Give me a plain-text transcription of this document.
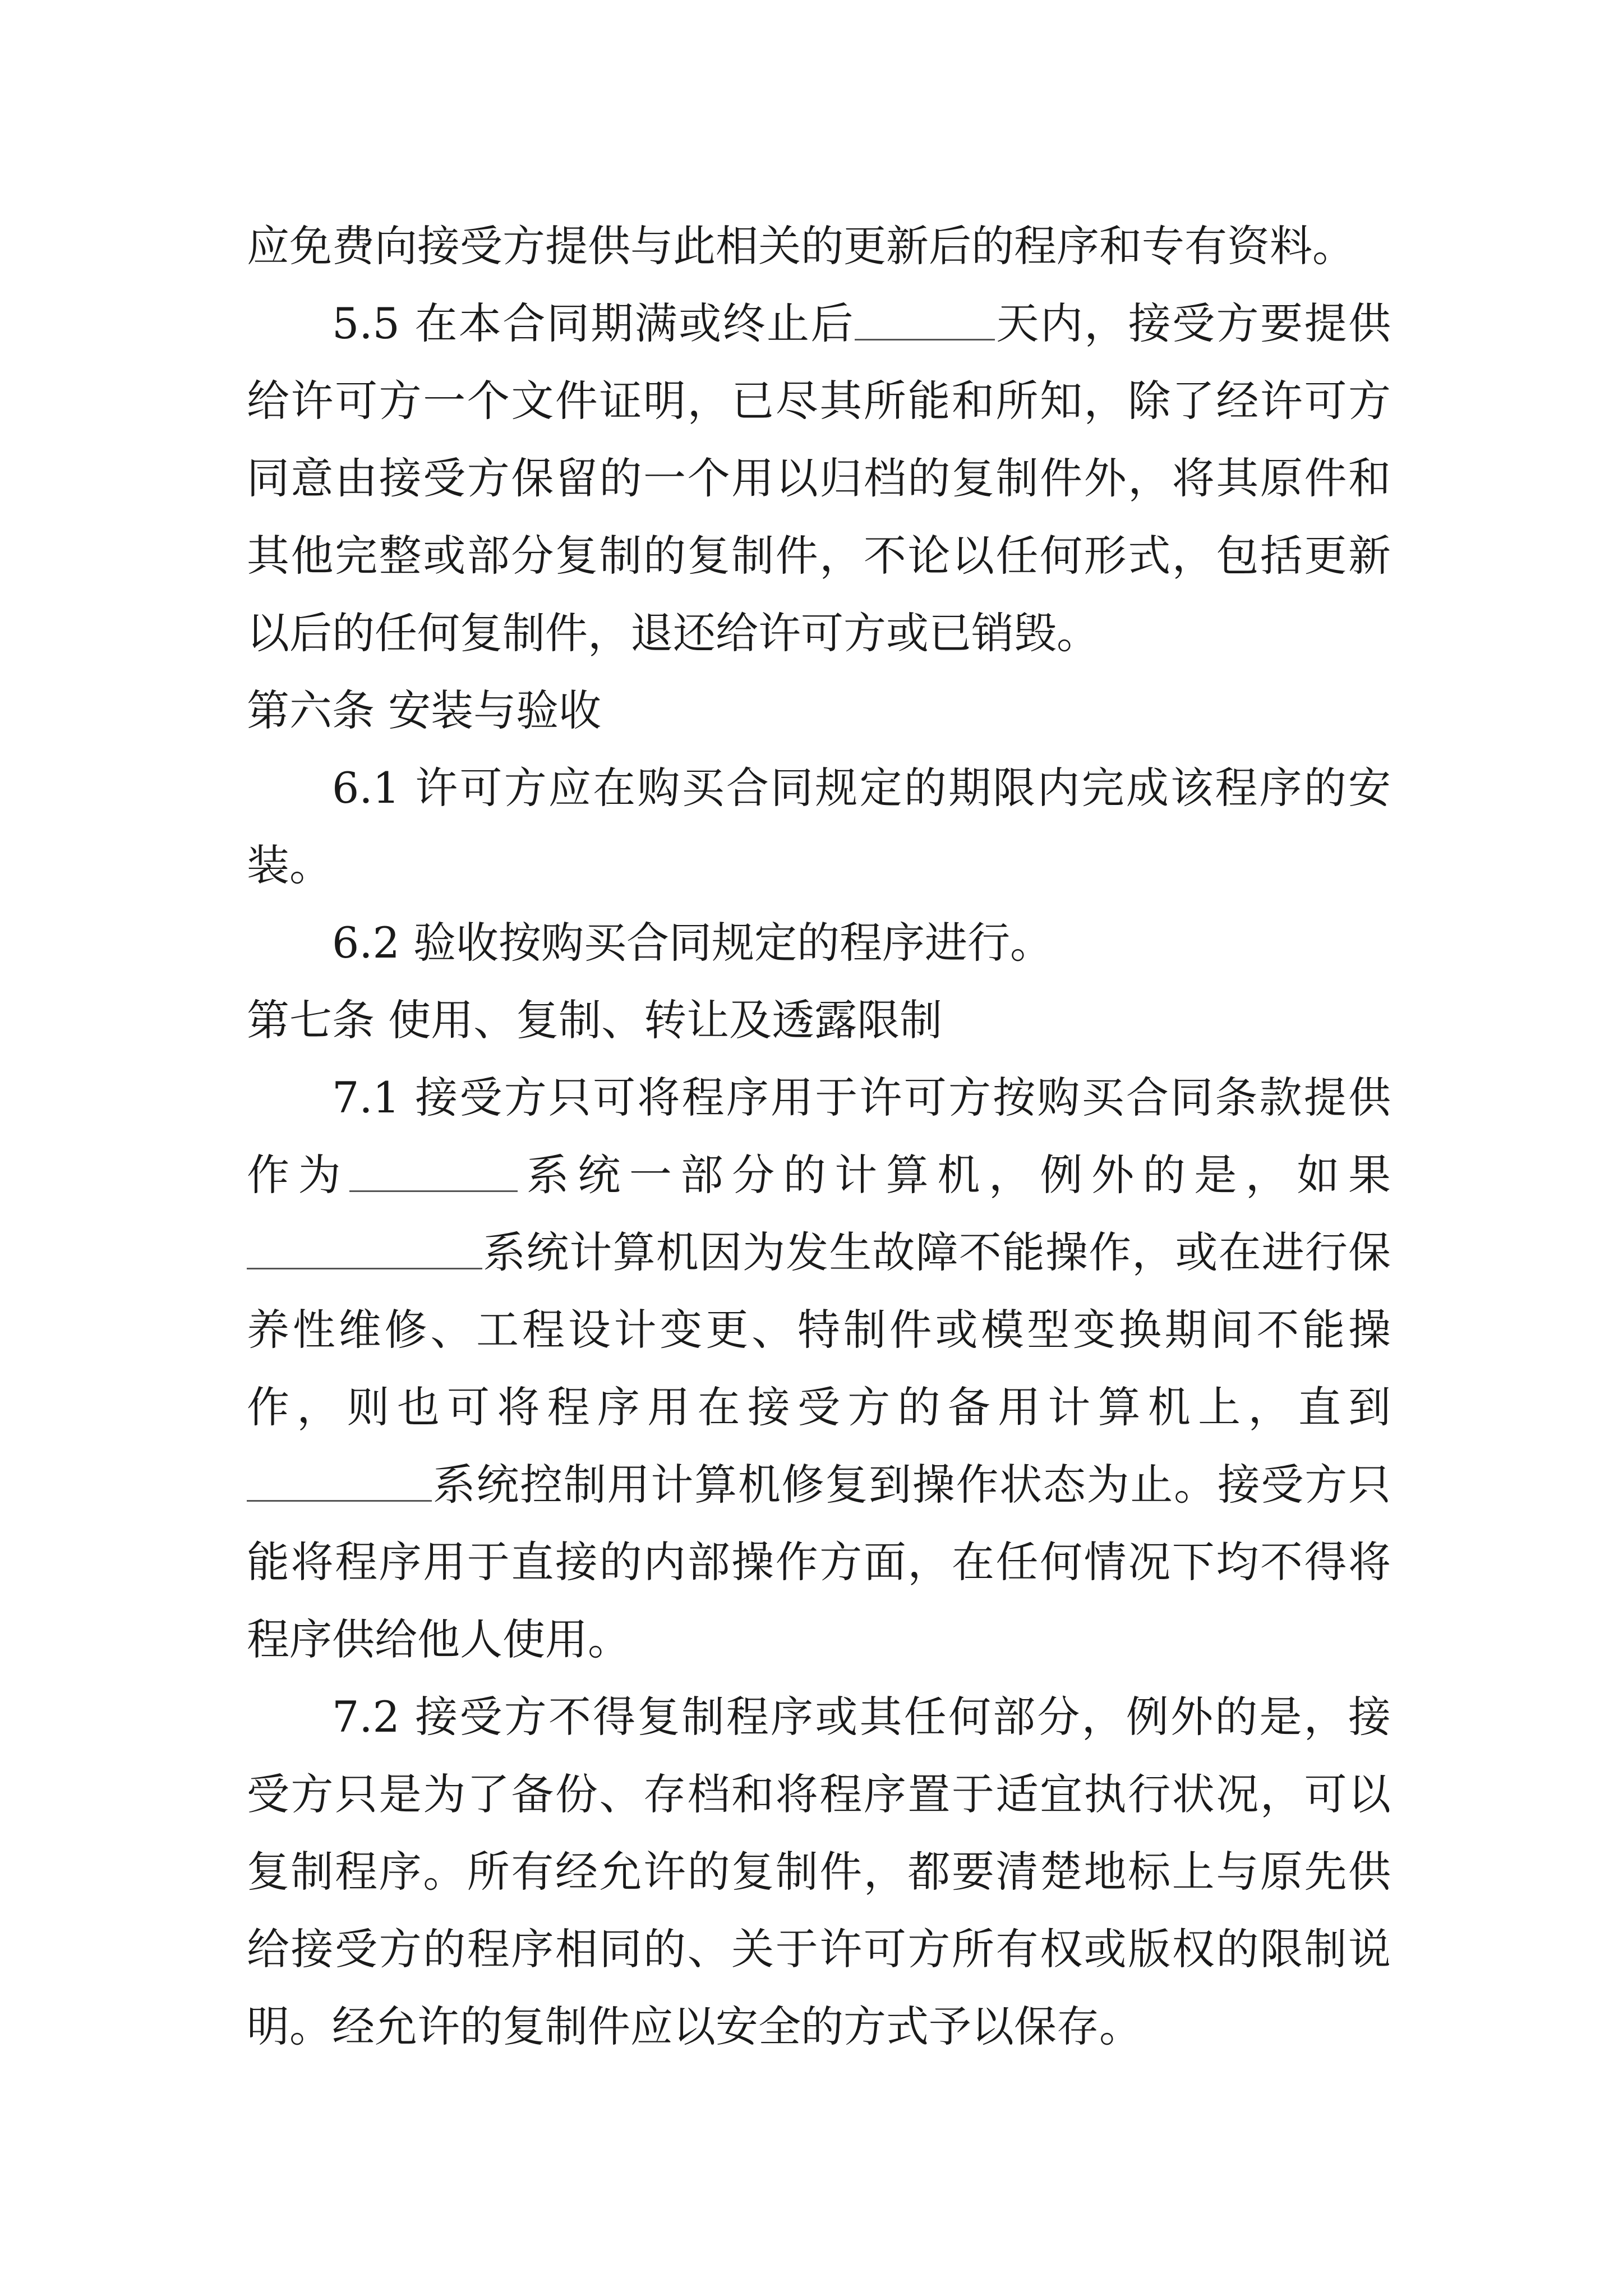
应免费向接受方提供与此相关的更新后的程序和专有资料。

5.5 在本合同期满或终止后	天内，接受方要提供给许可方一个文件证明，已尽其所能和所知，除了经许可方同意由接受方保留的一个用以归档的复制件外，将其原件和其他完整或部分复制的复制件，不论以任何形式，包括更新以后的任何复制件，退还给许可方或已销毁。

第六条 安装与验收

6.1 许可方应在购买合同规定的期限内完成该程序的安装。

6.2 验收按购买合同规定的程序进行。

第七条 使用、复制、转让及透露限制

7.1 接受方只可将程序用于许可方按购买合同条款提供作为	系统一部分的计算机，例外的是，如果系统计算机因为发生故障不能操作，或在进行保养性维修、工程设计变更、特制件或模型变换期间不能操作，则也可将程序用在接受方的备用计算机上，直到系统控制用计算机修复到操作状态为止。接受方只能将程序用于直接的内部操作方面，在任何情况下均不得将程序供给他人使用。

7.2 接受方不得复制程序或其任何部分，例外的是，接受方只是为了备份、存档和将程序置于适宜执行状况，可以复制程序。所有经允许的复制件，都要清楚地标上与原先供给接受方的程序相同的、关于许可方所有权或版权的限制说明。经允许的复制件应以安全的方式予以保存。
